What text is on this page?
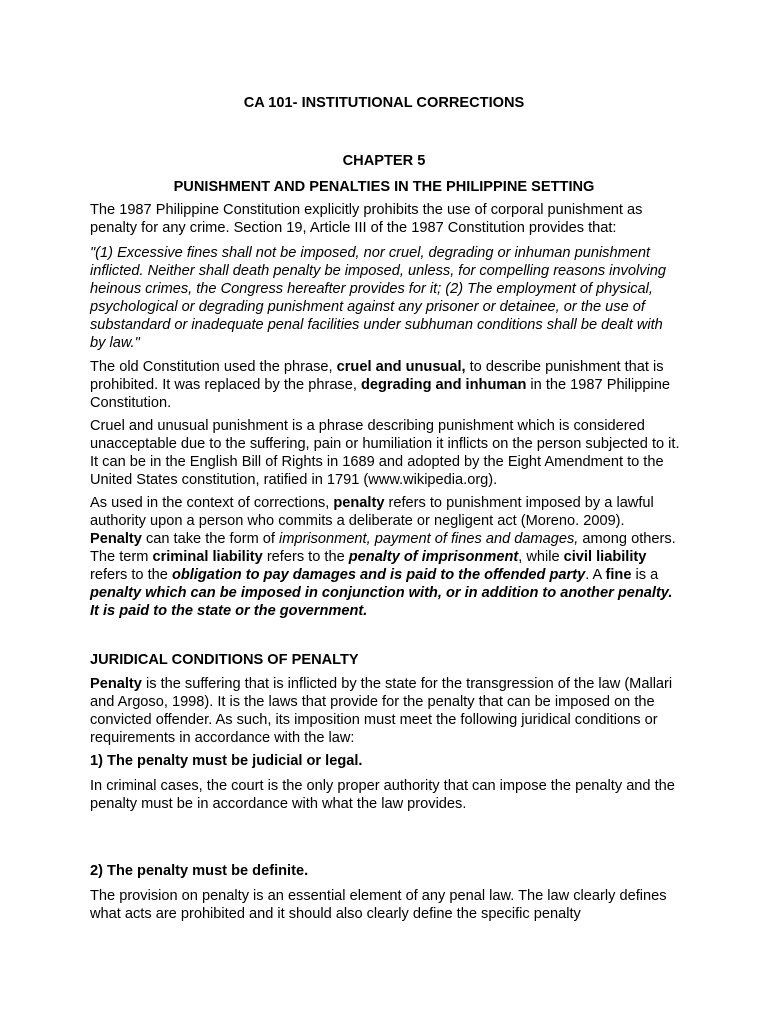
CA 101- INSTITUTIONAL CORRECTIONS
CHAPTER 5
PUNISHMENT AND PENALTIES IN THE PHILIPPINE SETTING

The 1987 Philippine Constitution explicitly prohibits the use of corporal punishment as penalty for any crime. Section 19, Article III of the 1987 Constitution provides that:

"(1) Excessive fines shall not be imposed, nor cruel, degrading or inhuman punishment inflicted. Neither shall death penalty be imposed, unless, for compelling reasons involving heinous crimes, the Congress hereafter provides for it; (2) The employment of physical, psychological or degrading punishment against any prisoner or detainee, or the use of substandard or inadequate penal facilities under subhuman conditions shall be dealt with by law."

The old Constitution used the phrase, cruel and unusual, to describe punishment that is prohibited. It was replaced by the phrase, degrading and inhuman in the 1987 Philippine Constitution.

Cruel and unusual punishment is a phrase describing punishment which is considered unacceptable due to the suffering, pain or humiliation it inflicts on the person subjected to it. It can be in the English Bill of Rights in 1689 and adopted by the Eight Amendment to the United States constitution, ratified in 1791 (www.wikipedia.org).

As used in the context of corrections, penalty refers to punishment imposed by a lawful authority upon a person who commits a deliberate or negligent act (Moreno. 2009). Penalty can take the form of imprisonment, payment of fines and damages, among others. The term criminal liability refers to the penalty of imprisonment, while civil liability refers to the obligation to pay damages and is paid to the offended party. A fine is a penalty which can be imposed in conjunction with, or in addition to another penalty. It is paid to the state or the government.

JURIDICAL CONDITIONS OF PENALTY

Penalty is the suffering that is inflicted by the state for the transgression of the law (Mallari and Argoso, 1998). It is the laws that provide for the penalty that can be imposed on the convicted offender. As such, its imposition must meet the following juridical conditions or requirements in accordance with the law:

1) The penalty must be judicial or legal.

In criminal cases, the court is the only proper authority that can impose the penalty and the penalty must be in accordance with what the law provides.

2) The penalty must be definite.

The provision on penalty is an essential element of any penal law. The law clearly defines what acts are prohibited and it should also clearly define the specific penalty
